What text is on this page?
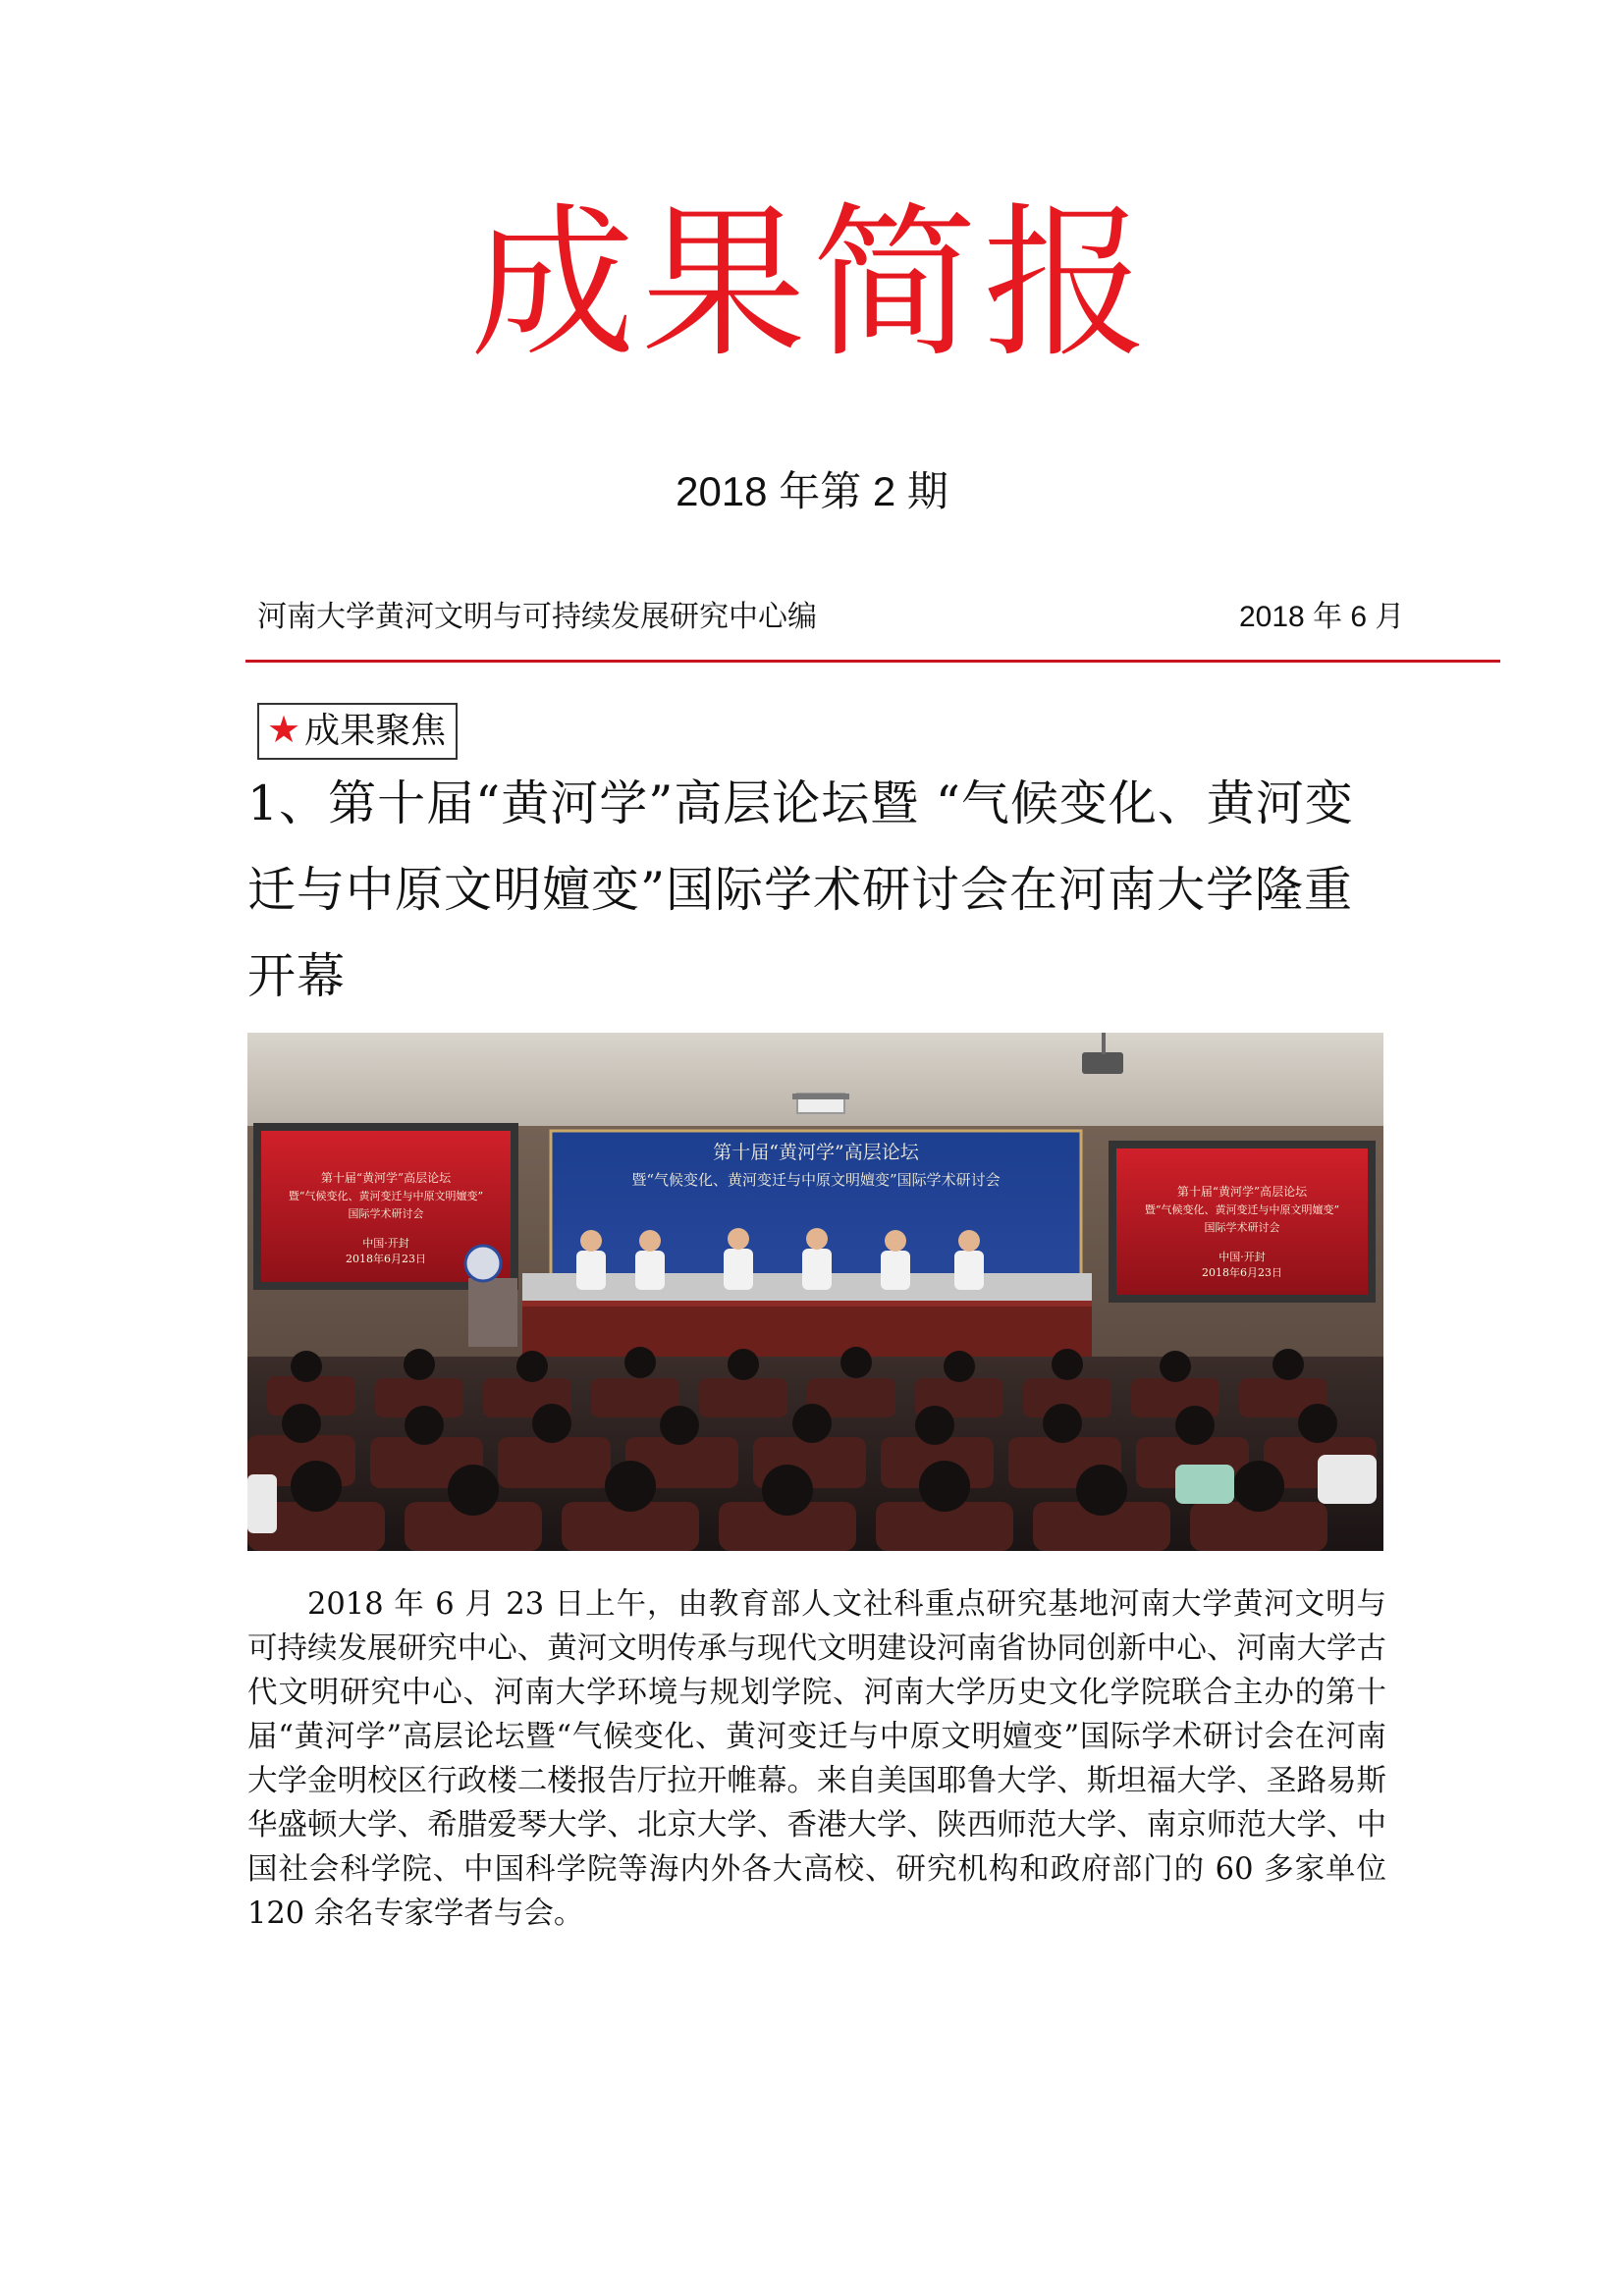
成果简报
2018 年第 2 期
河南大学黄河文明与可持续发展研究中心编	2018 年 6 月
★ 成果聚焦
1、第十届“黄河学”高层论坛暨 “气候变化、黄河变迁与中原文明嬗变”国际学术研讨会在河南大学隆重开幕
第十届“黄河学”高层论坛
暨“气候变化、黄河变迁与中原文明嬗变”国际学术研讨会
第十届“黄河学”高层论坛
暨“气候变化、黄河变迁与中原文明嬗变”
国际学术研讨会
中国·开封
2018年6月23日
第十届“黄河学”高层论坛
暨“气候变化、黄河变迁与中原文明嬗变”
国际学术研讨会
中国·开封
2018年6月23日

2018 年 6 月 23 日上午，由教育部人文社科重点研究基地河南大学黄河文明与可持续发展研究中心、黄河文明传承与现代文明建设河南省协同创新中心、河南大学古代文明研究中心、河南大学环境与规划学院、河南大学历史文化学院联合主办的第十届“黄河学”高层论坛暨“气候变化、黄河变迁与中原文明嬗变”国际学术研讨会在河南大学金明校区行政楼二楼报告厅拉开帷幕。来自美国耶鲁大学、斯坦福大学、圣路易斯华盛顿大学、希腊爱琴大学、北京大学、香港大学、陕西师范大学、南京师范大学、中国社会科学院、中国科学院等海内外各大高校、研究机构和政府部门的 60 多家单位 120 余名专家学者与会。
